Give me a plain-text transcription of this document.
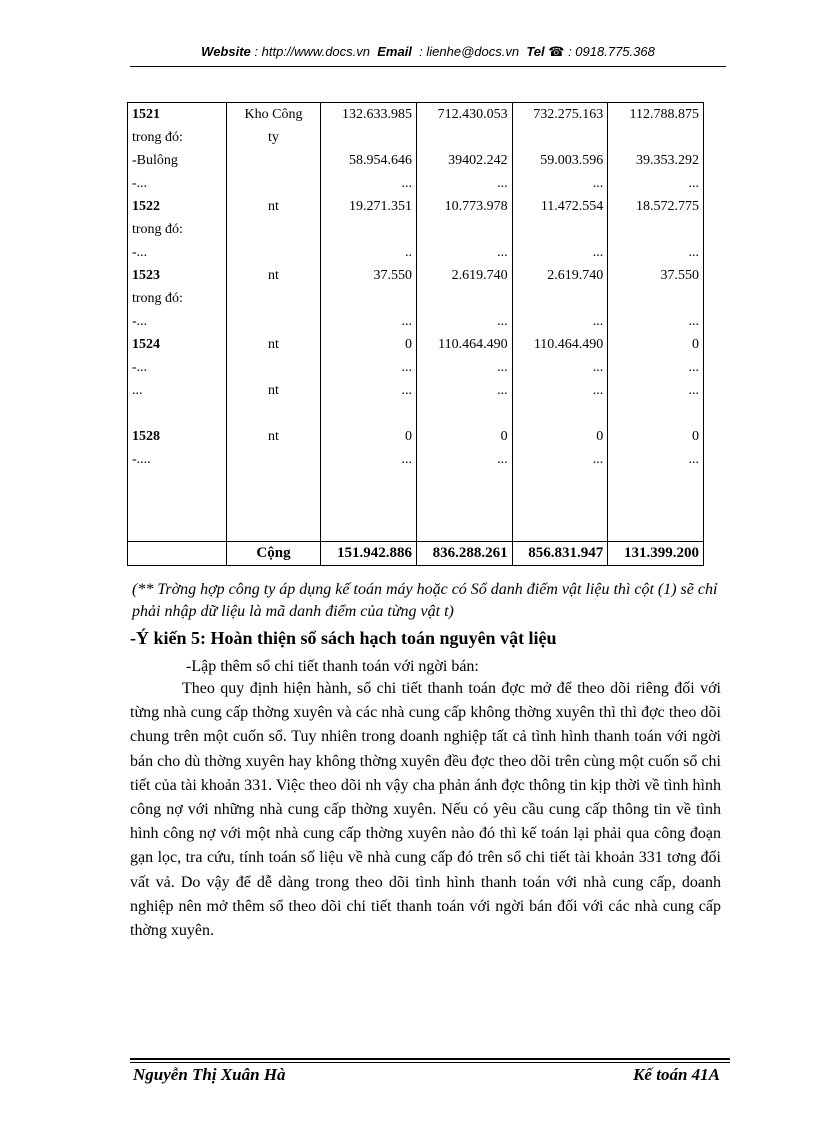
Website : http://www.docs.vn Email : lienhe@docs.vn Tel ☎ : 0918.775.368
1521	Kho Công	132.633.985	712.430.053	732.275.163	112.788.875
trong đó:	ty				
-Bulông		58.954.646	39402.242	59.003.596	39.353.292
-...		...	...	...	...
1522	nt	19.271.351	10.773.978	11.472.554	18.572.775
trong đó:					
-...		..	...	...	...
1523	nt	37.550	2.619.740	2.619.740	37.550
trong đó:					
-...		...	...	...	...
1524	nt	0	110.464.490	110.464.490	0
-...		...	...	...	...
...	nt	...	...	...	...

1528	nt	0	0	0	0
-....		...	...	...	...

	Cộng	151.942.886	836.288.261	856.831.947	131.399.200
(** Trờng hợp công ty áp dụng kế toán máy hoặc có Sổ danh điểm vật liệu thì cột (1) sẽ chỉ phải nhập dữ liệu là mã danh điểm của từng vật t)
-Ý kiến 5: Hoàn thiện sổ sách hạch toán nguyên vật liệu
-Lập thêm sổ chi tiết thanh toán với ngời bán:
Theo quy định hiện hành, sổ chi tiết thanh toán đợc mở để theo dõi riêng đối với từng nhà cung cấp thờng xuyên và các nhà cung cấp không thờng xuyên thì thì đợc theo dõi chung trên một cuốn sổ. Tuy nhiên trong doanh nghiệp tất cả tình hình thanh toán với ngời bán cho dù thờng xuyên hay không thờng xuyên đều đợc theo dõi trên cùng một cuốn sổ chi tiết của tài khoản 331. Việc theo dõi nh vậy cha phản ánh đợc thông tin kịp thời về tình hình công nợ với những nhà cung cấp thờng xuyên. Nếu có yêu cầu cung cấp thông tin về tình hình công nợ với một nhà cung cấp thờng xuyên nào đó thì kế toán lại phải qua công đoạn gạn lọc, tra cứu, tính toán số liệu về nhà cung cấp đó trên sổ chi tiết tài khoản 331 tơng đối vất vả. Do vậy để dễ dàng trong theo dõi tình hình thanh toán với nhà cung cấp, doanh nghiệp nên mở thêm sổ theo dõi chi tiết thanh toán với ngời bán đối với các nhà cung cấp thờng xuyên.
Nguyễn Thị Xuân Hà	Kế toán 41A
